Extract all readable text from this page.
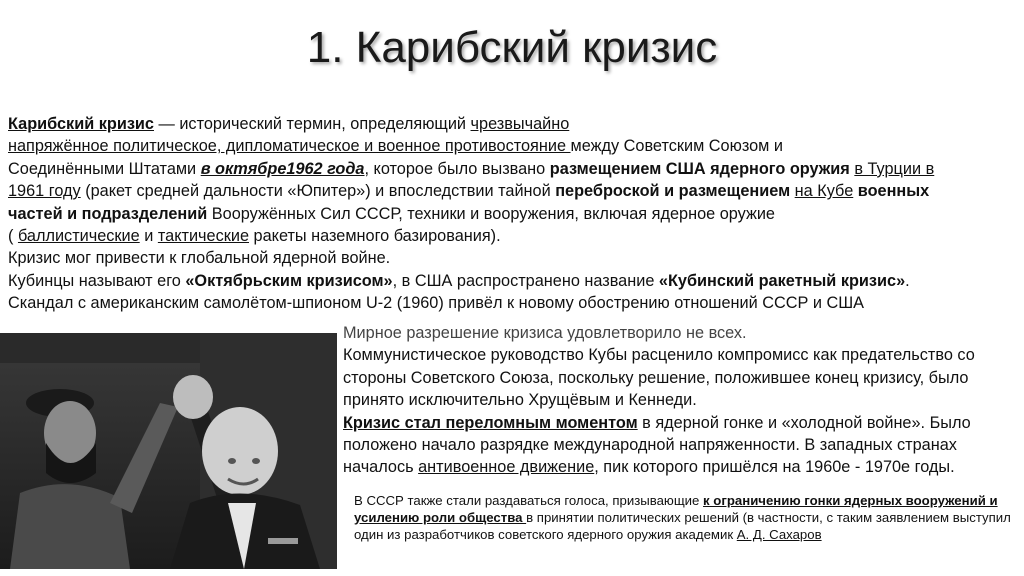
1. Карибский кризис

Карибский кризис — исторический термин, определяющий чрезвычайно

напряжённое политическое, дипломатическое и военное противостояние между Советским Союзом и

Соединёнными Штатами в октябре1962 года, которое было вызвано размещением США ядерного оружия в Турции в

1961 году (ракет средней дальности «Юпитер») и впоследствии тайной переброской и размещением на Кубе военных

частей и подразделений Вооружённых Сил СССР, техники и вооружения, включая ядерное оружие

( баллистические и тактические ракеты наземного базирования).

Кризис мог привести к глобальной ядерной войне.

Кубинцы называют его «Октябрьским кризисом», в США распространено название «Кубинский ракетный кризис».

Скандал с американским самолётом-шпионом U-2 (1960) привёл к новому обострению отношений СССР и США

Мирное разрешение кризиса удовлетворило не всех.

Коммунистическое руководство Кубы расценило компромисс как предательство со стороны Советского Союза, поскольку решение, положившее конец кризису, было принято исключительно Хрущёвым и Кеннеди.

Кризис стал переломным моментом в ядерной гонке и «холодной войне». Было положено начало разрядке международной напряженности. В западных странах началось антивоенное движение, пик которого пришёлся на 1960е - 1970е годы.

В СССР также стали раздаваться голоса, призывающие к ограничению гонки ядерных вооружений и усилению роли общества в принятии политических решений (в частности, с таким заявлением выступил один из разработчиков советского ядерного оружия академик А. Д. Сахаров
